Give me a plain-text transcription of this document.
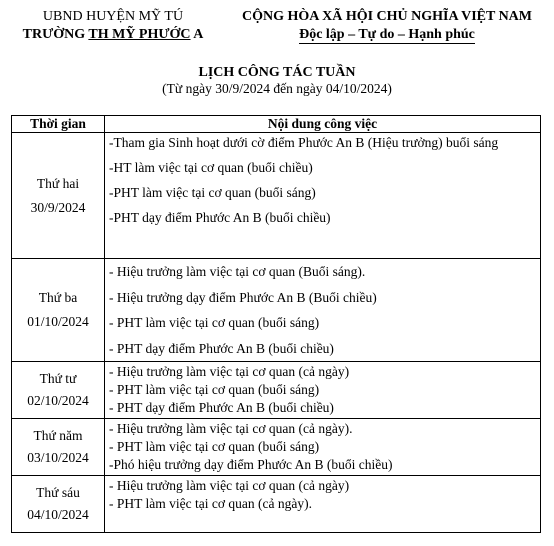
UBND HUYỆN MỸ TÚ
TRƯỜNG TH MỸ PHƯỚC A
CỘNG HÒA XÃ HỘI CHỦ NGHĨA VIỆT NAM
Độc lập – Tự do – Hạnh phúc
LỊCH CÔNG TÁC TUẦN
(Từ ngày 30/9/2024 đến ngày 04/10/2024)
Thời gian	Nội dung công việc

Thứ hai
30/9/2024	-Tham gia Sinh hoạt dưới cờ điểm Phước An B (Hiệu trưởng) buổi sáng
-HT làm việc tại cơ quan (buổi chiều)
-PHT làm việc tại cơ quan (buổi sáng)
-PHT dạy điểm Phước An B (buổi chiều)

Thứ ba
01/10/2024	- Hiệu trưởng làm việc tại cơ quan (Buổi sáng).
- Hiệu trưởng dạy điểm Phước An B (Buổi chiều)
- PHT làm việc tại cơ quan (buổi sáng)
- PHT dạy điểm Phước An B (buổi chiều)

Thứ tư
02/10/2024	- Hiệu trưởng làm việc tại cơ quan (cả ngày)
- PHT làm việc tại cơ quan (buổi sáng)
- PHT dạy điểm Phước An B (buổi chiều)

Thứ năm
03/10/2024	- Hiệu trưởng làm việc tại cơ quan (cả ngày).
- PHT làm việc tại cơ quan (buổi sáng)
-Phó hiệu trưởng dạy điểm Phước An B (buổi chiều)

Thứ sáu
04/10/2024	- Hiệu trưởng làm việc tại cơ quan (cả ngày)
- PHT làm việc tại cơ quan (cả ngày).
